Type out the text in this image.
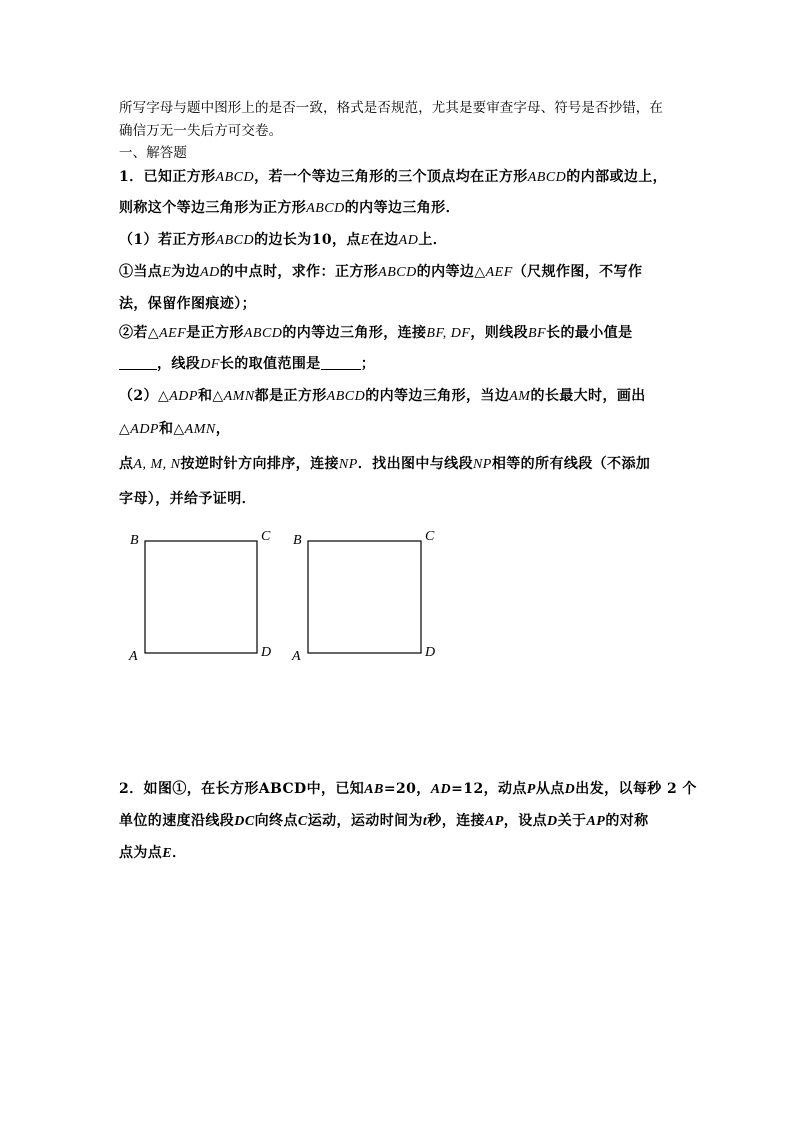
所写字母与题中图形上的是否一致，格式是否规范，尤其是要审查字母、符号是否抄错，在
确信万无一失后方可交卷。
一、解答题
1．已知正方形ABCD，若一个等边三角形的三个顶点均在正方形ABCD的内部或边上，
则称这个等边三角形为正方形ABCD的内等边三角形．
（1）若正方形ABCD的边长为10，点E在边AD上．
①当点E为边AD的中点时，求作：正方形ABCD的内等边△AEF（尺规作图，不写作
法，保留作图痕迹）；
②若△AEF是正方形ABCD的内等边三角形，连接BF, DF，则线段BF长的最小值是
，线段DF长的取值范围是	；
（2）△ADP和△AMN都是正方形ABCD的内等边三角形，当边AM的长最大时，画出
△ADP和△AMN，
点A, M, N按逆时针方向排序，连接NP．找出图中与线段NP相等的所有线段（不添加
字母），并给予证明．
B	C
A	D
B	C
A	D
2．如图①，在长方形ABCD中，已知AB=20，AD=12，动点P从点D出发，以每秒 2 个
单位的速度沿线段DC向终点C运动，运动时间为t秒，连接AP，设点D关于AP的对称
点为点E．
